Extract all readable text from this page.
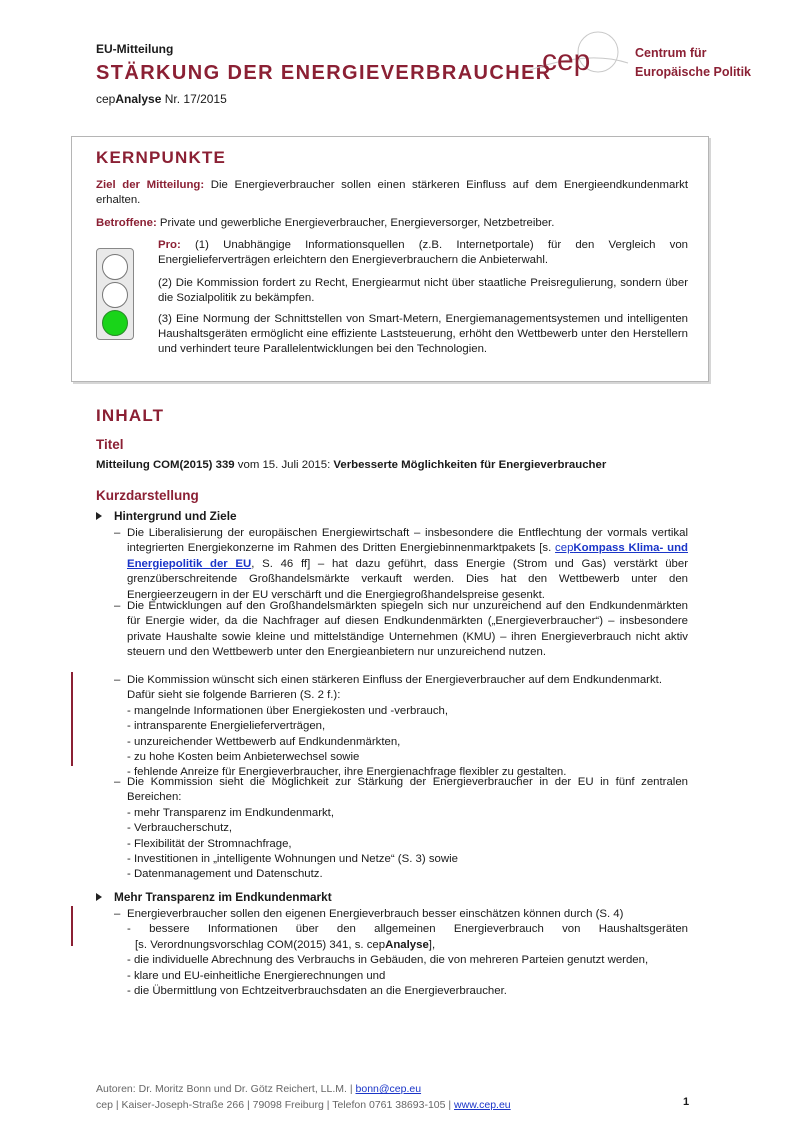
EU-Mitteilung
STÄRKUNG DER ENERGIEVERBRAUCHER
cepAnalyse Nr. 17/2015
cep	Centrum für
Europäische Politik
KERNPUNKTE
Ziel der Mitteilung: Die Energieverbraucher sollen einen stärkeren Einfluss auf dem Energieendkundenmarkt erhalten.
Betroffene: Private und gewerbliche Energieverbraucher, Energieversorger, Netzbetreiber.
Pro: (1) Unabhängige Informationsquellen (z.B. Internetportale) für den Vergleich von Energielieferverträgen erleichtern den Energieverbrauchern die Anbieterwahl.
(2) Die Kommission fordert zu Recht, Energiearmut nicht über staatliche Preisregulierung, sondern über die Sozialpolitik zu bekämpfen.
(3) Eine Normung der Schnittstellen von Smart-Metern, Energiemanagementsystemen und intelligenten Haushaltsgeräten ermöglicht eine effiziente Laststeuerung, erhöht den Wettbewerb unter den Herstellern und verhindert teure Parallelentwicklungen bei den Technologien.
INHALT
Titel
Mitteilung COM(2015) 339 vom 15. Juli 2015: Verbesserte Möglichkeiten für Energieverbraucher
Kurzdarstellung
Hintergrund und Ziele
– Die Liberalisierung der europäischen Energiewirtschaft – insbesondere die Entflechtung der vormals vertikal integrierten Energiekonzerne im Rahmen des Dritten Energiebinnenmarktpakets [s. cepKompass Klima- und Energiepolitik der EU, S. 46 ff] – hat dazu geführt, dass Energie (Strom und Gas) verstärkt über grenzüberschreitende Großhandelsmärkte verkauft werden. Dies hat den Wettbewerb unter den Energieerzeugern in der EU verschärft und die Energiegroßhandelspreise gesenkt.
– Die Entwicklungen auf den Großhandelsmärkten spiegeln sich nur unzureichend auf den Endkundenmärkten für Energie wider, da die Nachfrager auf diesen Endkundenmärkten („Energieverbraucher“) – insbesondere private Haushalte sowie kleine und mittelständige Unternehmen (KMU) – ihren Energieverbrauch nicht aktiv steuern und den Wettbewerb unter den Energieanbietern nur unzureichend nutzen.
– Die Kommission wünscht sich einen stärkeren Einfluss der Energieverbraucher auf dem Endkundenmarkt. Dafür sieht sie folgende Barrieren (S. 2 f.):
- mangelnde Informationen über Energiekosten und -verbrauch,
- intransparente Energielieferverträgen,
- unzureichender Wettbewerb auf Endkundenmärkten,
- zu hohe Kosten beim Anbieterwechsel sowie
- fehlende Anreize für Energieverbraucher, ihre Energienachfrage flexibler zu gestalten.
– Die Kommission sieht die Möglichkeit zur Stärkung der Energieverbraucher in der EU in fünf zentralen Bereichen:
- mehr Transparenz im Endkundenmarkt,
- Verbraucherschutz,
- Flexibilität der Stromnachfrage,
- Investitionen in „intelligente Wohnungen und Netze“ (S. 3) sowie
- Datenmanagement und Datenschutz.
Mehr Transparenz im Endkundenmarkt
– Energieverbraucher sollen den eigenen Energieverbrauch besser einschätzen können durch (S. 4)
- bessere Informationen über den allgemeinen Energieverbrauch von Haushaltsgeräten
[s. Verordnungsvorschlag COM(2015) 341, s. cepAnalyse],
- die individuelle Abrechnung des Verbrauchs in Gebäuden, die von mehreren Parteien genutzt werden,
- klare und EU-einheitliche Energierechnungen und
- die Übermittlung von Echtzeitverbrauchsdaten an die Energieverbraucher.
Autoren: Dr. Moritz Bonn und Dr. Götz Reichert, LL.M. | bonn@cep.eu
cep | Kaiser-Joseph-Straße 266 | 79098 Freiburg | Telefon 0761 38693-105 | www.cep.eu	1
